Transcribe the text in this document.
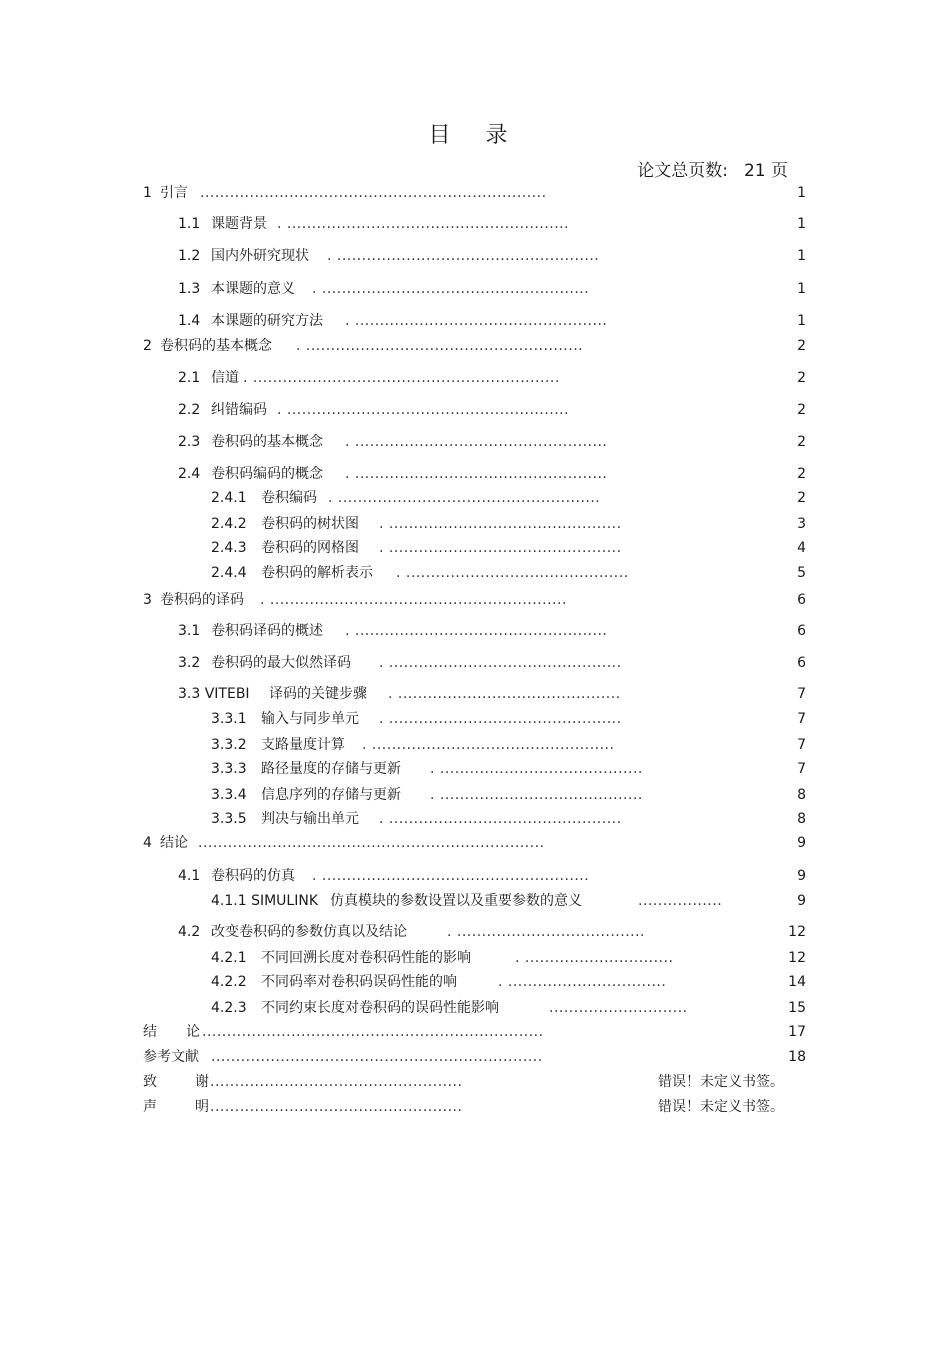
目 录
论文总页数: 21 页
1 引言 ......................................................................	1
1.1 课题背景 . .........................................................	1
1.2 国内外研究现状 . .....................................................	1
1.3 本课题的意义 . ......................................................	1
1.4 本课题的研究方法 . ...................................................	1
2 卷积码的基本概念 . ........................................................	2
2.1 信道 . ..............................................................	2
2.2 纠错编码 . .........................................................	2
2.3 卷积码的基本概念 . ...................................................	2
2.4 卷积码编码的概念 . ...................................................	2
2.4.1 卷积编码 . .....................................................	2
2.4.2 卷积码的树状图 . ...............................................	3
2.4.3 卷积码的网格图 . ...............................................	4
2.4.4 卷积码的解析表示 . .............................................	5
3 卷积码的译码 . ............................................................	6
3.1 卷积码译码的概述 . ...................................................	6
3.2 卷积码的最大似然译码 . ...............................................	6
3.3 VITEBI 译码的关键步骤 . .............................................	7
3.3.1 输入与同步单元 . ...............................................	7
3.3.2 支路量度计算 . .................................................	7
3.3.3 路径量度的存储与更新 . .........................................	7
3.3.4 信息序列的存储与更新 . .........................................	8
3.3.5 判决与输出单元 . ...............................................	8
4 结论 ......................................................................	9
4.1 卷积码的仿真 . ......................................................	9
4.1.1 SIMULINK 仿真模块的参数设置以及重要参数的意义	.................	9
4.2 改变卷积码的参数仿真以及结论	. ......................................	12
4.2.1 不同回溯长度对卷积码性能的影响	. ..............................	12
4.2.2 不同码率对卷积码误码性能的响	. ................................	14
4.2.3 不同约束长度对卷积码的误码性能影响	............................	15
结 论 .....................................................................	17
参考文献 ...................................................................	18
致	谢 ...................................................	错误！未定义书签。
声	明 ...................................................	错误！未定义书签。
